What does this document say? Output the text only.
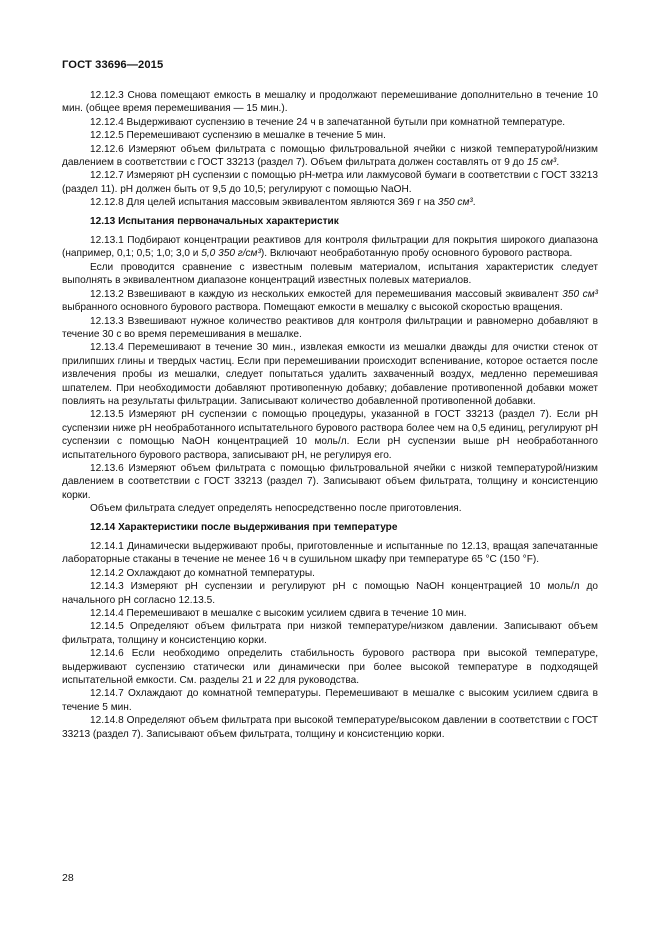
ГОСТ 33696—2015

12.12.3 Снова помещают емкость в мешалку и продолжают перемешивание дополнительно в течение 10 мин. (общее время перемешивания — 15 мин.).

12.12.4 Выдерживают суспензию в течение 24 ч в запечатанной бутыли при комнатной температуре.

12.12.5 Перемешивают суспензию в мешалке в течение 5 мин.

12.12.6 Измеряют объем фильтрата с помощью фильтровальной ячейки с низкой температурой/низким давлением в соответствии с ГОСТ 33213 (раздел 7). Объем фильтрата должен составлять от 9 до 15 см³.

12.12.7 Измеряют pH суспензии с помощью pH-метра или лакмусовой бумаги в соответствии с ГОСТ 33213 (раздел 11). pH должен быть от 9,5 до 10,5; регулируют с помощью NaOH.

12.12.8 Для целей испытания массовым эквивалентом являются 369 г на 350 см³.

12.13 Испытания первоначальных характеристик

12.13.1 Подбирают концентрации реактивов для контроля фильтрации для покрытия широкого диапазона (например, 0,1; 0,5; 1,0; 3,0 и 5,0 350 г/см³). Включают необработанную пробу основного бурового раствора.

Если проводится сравнение с известным полевым материалом, испытания характеристик следует выполнять в эквивалентном диапазоне концентраций известных полевых материалов.

12.13.2 Взвешивают в каждую из нескольких емкостей для перемешивания массовый эквивалент 350 см³ выбранного основного бурового раствора. Помещают емкости в мешалку с высокой скоростью вращения.

12.13.3 Взвешивают нужное количество реактивов для контроля фильтрации и равномерно добавляют в течение 30 с во время перемешивания в мешалке.

12.13.4 Перемешивают в течение 30 мин., извлекая емкости из мешалки дважды для очистки стенок от прилипших глины и твердых частиц. Если при перемешивании происходит вспенивание, которое остается после извлечения пробы из мешалки, следует попытаться удалить захваченный воздух, медленно перемешивая шпателем. При необходимости добавляют противопенную добавку; добавление противопенной добавки может повлиять на результаты фильтрации. Записывают количество добавленной противопенной добавки.

12.13.5 Измеряют pH суспензии с помощью процедуры, указанной в ГОСТ 33213 (раздел 7). Если pH суспензии ниже pH необработанного испытательного бурового раствора более чем на 0,5 единиц, регулируют pH суспензии с помощью NaOH концентрацией 10 моль/л. Если pH суспензии выше pH необработанного испытательного бурового раствора, записывают pH, не регулируя его.

12.13.6 Измеряют объем фильтрата с помощью фильтровальной ячейки с низкой температурой/низким давлением в соответствии с ГОСТ 33213 (раздел 7). Записывают объем фильтрата, толщину и консистенцию корки.

Объем фильтрата следует определять непосредственно после приготовления.

12.14 Характеристики после выдерживания при температуре

12.14.1 Динамически выдерживают пробы, приготовленные и испытанные по 12.13, вращая запечатанные лабораторные стаканы в течение не менее 16 ч в сушильном шкафу при температуре 65 °С (150 °F).

12.14.2 Охлаждают до комнатной температуры.

12.14.3 Измеряют pH суспензии и регулируют pH с помощью NaOH концентрацией 10 моль/л до начального pH согласно 12.13.5.

12.14.4 Перемешивают в мешалке с высоким усилием сдвига в течение 10 мин.

12.14.5 Определяют объем фильтрата при низкой температуре/низком давлении. Записывают объем фильтрата, толщину и консистенцию корки.

12.14.6 Если необходимо определить стабильность бурового раствора при высокой температуре, выдерживают суспензию статически или динамически при более высокой температуре в подходящей испытательной емкости. См. разделы 21 и 22 для руководства.

12.14.7 Охлаждают до комнатной температуры. Перемешивают в мешалке с высоким усилием сдвига в течение 5 мин.

12.14.8 Определяют объем фильтрата при высокой температуре/высоком давлении в соответствии с ГОСТ 33213 (раздел 7). Записывают объем фильтрата, толщину и консистенцию корки.

28
